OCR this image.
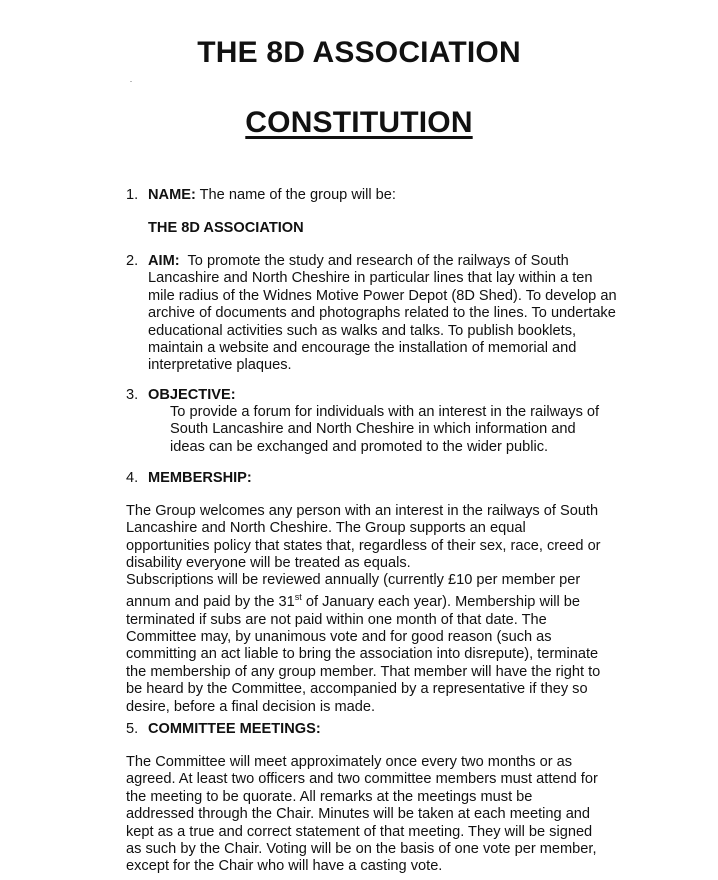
THE 8D ASSOCIATION
CONSTITUTION
1. NAME: The name of the group will be:
THE 8D ASSOCIATION
2. AIM: To promote the study and research of the railways of South Lancashire and North Cheshire in particular lines that lay within a ten mile radius of the Widnes Motive Power Depot (8D Shed). To develop an archive of documents and photographs related to the lines. To undertake educational activities such as walks and talks. To publish booklets, maintain a website and encourage the installation of memorial and interpretative plaques.

3. OBJECTIVE:

To provide a forum for individuals with an interest in the railways of South Lancashire and North Cheshire in which information and ideas can be exchanged and promoted to the wider public.

4. MEMBERSHIP:

The Group welcomes any person with an interest in the railways of South Lancashire and North Cheshire. The Group supports an equal opportunities policy that states that, regardless of their sex, race, creed or disability everyone will be treated as equals.

Subscriptions will be reviewed annually (currently £10 per member per annum and paid by the 31st of January each year). Membership will be terminated if subs are not paid within one month of that date. The Committee may, by unanimous vote and for good reason (such as committing an act liable to bring the association into disrepute), terminate the membership of any group member. That member will have the right to be heard by the Committee, accompanied by a representative if they so desire, before a final decision is made.

5. COMMITTEE MEETINGS:

The Committee will meet approximately once every two months or as agreed. At least two officers and two committee members must attend for the meeting to be quorate. All remarks at the meetings must be addressed through the Chair. Minutes will be taken at each meeting and kept as a true and correct statement of that meeting. They will be signed as such by the Chair. Voting will be on the basis of one vote per member, except for the Chair who will have a casting vote.
